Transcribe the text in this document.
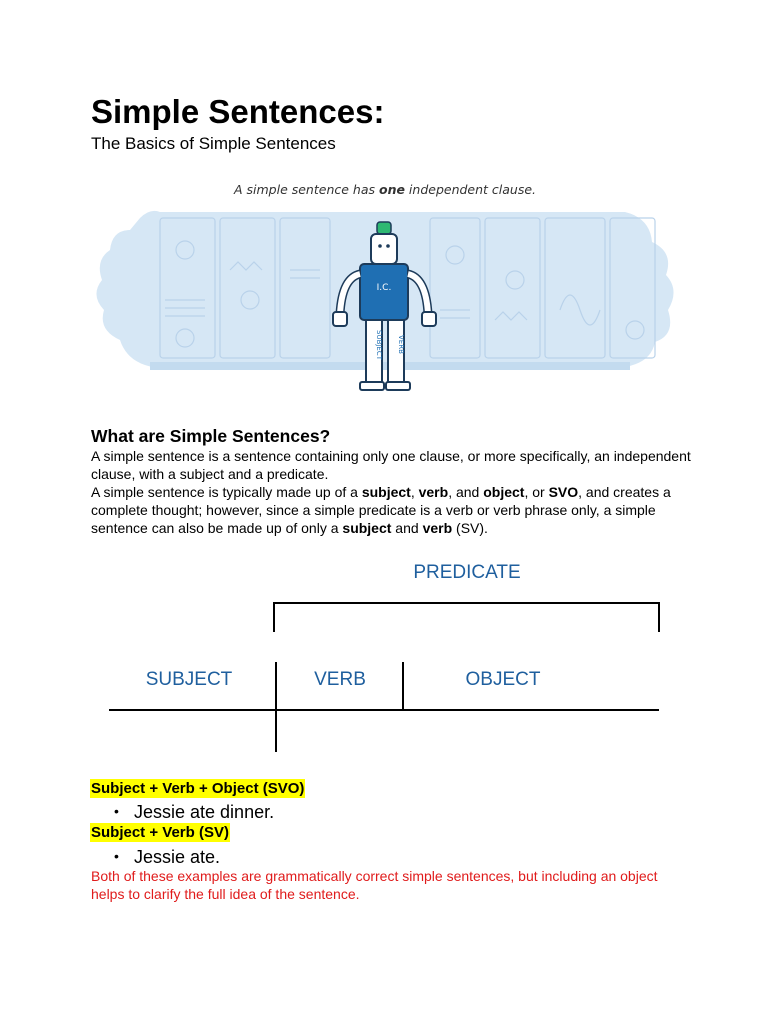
Simple Sentences:

The Basics of Simple Sentences

A simple sentence has one independent clause.
I.C.
SUBJECT VERB
What are Simple Sentences?

A simple sentence is a sentence containing only one clause, or more specifically, an independent clause, with a subject and a predicate.

A simple sentence is typically made up of a subject, verb, and object, or SVO, and creates a complete thought; however, since a simple predicate is a verb or verb phrase only, a simple sentence can also be made up of only a subject and verb (SV).

PREDICATE
SUBJECT	VERB	OBJECT
Subject + Verb + Object (SVO)

• Jessie ate dinner.

Subject + Verb (SV)

• Jessie ate.

Both of these examples are grammatically correct simple sentences, but including an object helps to clarify the full idea of the sentence.
